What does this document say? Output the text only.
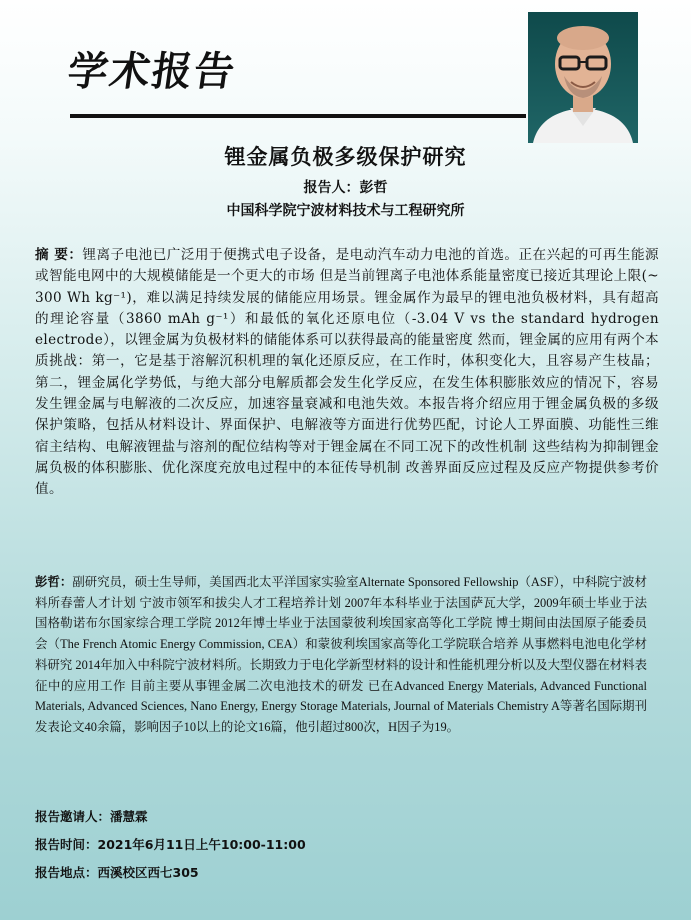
学术报告
锂金属负极多级保护研究
报告人：彭哲
中国科学院宁波材料技术与工程研究所
摘 要：锂离子电池已广泛用于便携式电子设备，是电动汽车动力电池的首选。正在兴起的可再生能源或智能电网中的大规模储能是一个更大的市场 但是当前锂离子电池体系能量密度已接近其理论上限(~ 300 Wh kg⁻¹)，难以满足持续发展的储能应用场景。锂金属作为最早的锂电池负极材料，具有超高的理论容量（3860 mAh g⁻¹）和最低的氧化还原电位（-3.04 V vs the standard hydrogen electrode），以锂金属为负极材料的储能体系可以获得最高的能量密度 然而，锂金属的应用有两个本质挑战：第一，它是基于溶解沉积机理的氧化还原反应，在工作时，体积变化大，且容易产生枝晶；第二，锂金属化学势低，与绝大部分电解质都会发生化学反应，在发生体积膨胀效应的情况下，容易发生锂金属与电解液的二次反应，加速容量衰减和电池失效。本报告将介绍应用于锂金属负极的多级保护策略，包括从材料设计、界面保护、电解液等方面进行优势匹配，讨论人工界面膜、功能性三维宿主结构、电解液锂盐与溶剂的配位结构等对于锂金属在不同工况下的改性机制 这些结构为抑制锂金属负极的体积膨胀、优化深度充放电过程中的本征传导机制 改善界面反应过程及反应产物提供参考价值。
彭哲：副研究员，硕士生导师，美国西北太平洋国家实验室Alternate Sponsored Fellowship（ASF），中科院宁波材料所春蕾人才计划 宁波市领军和拔尖人才工程培养计划 2007年本科毕业于法国萨瓦大学，2009年硕士毕业于法国格勒诺布尔国家综合理工学院 2012年博士毕业于法国蒙彼利埃国家高等化工学院 博士期间由法国原子能委员会（The French Atomic Energy Commission, CEA）和蒙彼利埃国家高等化工学院联合培养 从事燃料电池电化学材料研究 2014年加入中科院宁波材料所。长期致力于电化学新型材料的设计和性能机理分析以及大型仪器在材料表征中的应用工作 目前主要从事锂金属二次电池技术的研发 已在Advanced Energy Materials, Advanced Functional Materials, Advanced Sciences, Nano Energy, Energy Storage Materials, Journal of Materials Chemistry A等著名国际期刊发表论文40余篇，影响因子10以上的论文16篇，他引超过800次，H因子为19。
报告邀请人：潘慧霖
报告时间：2021年6月11日上午10:00-11:00
报告地点：西溪校区西七305
